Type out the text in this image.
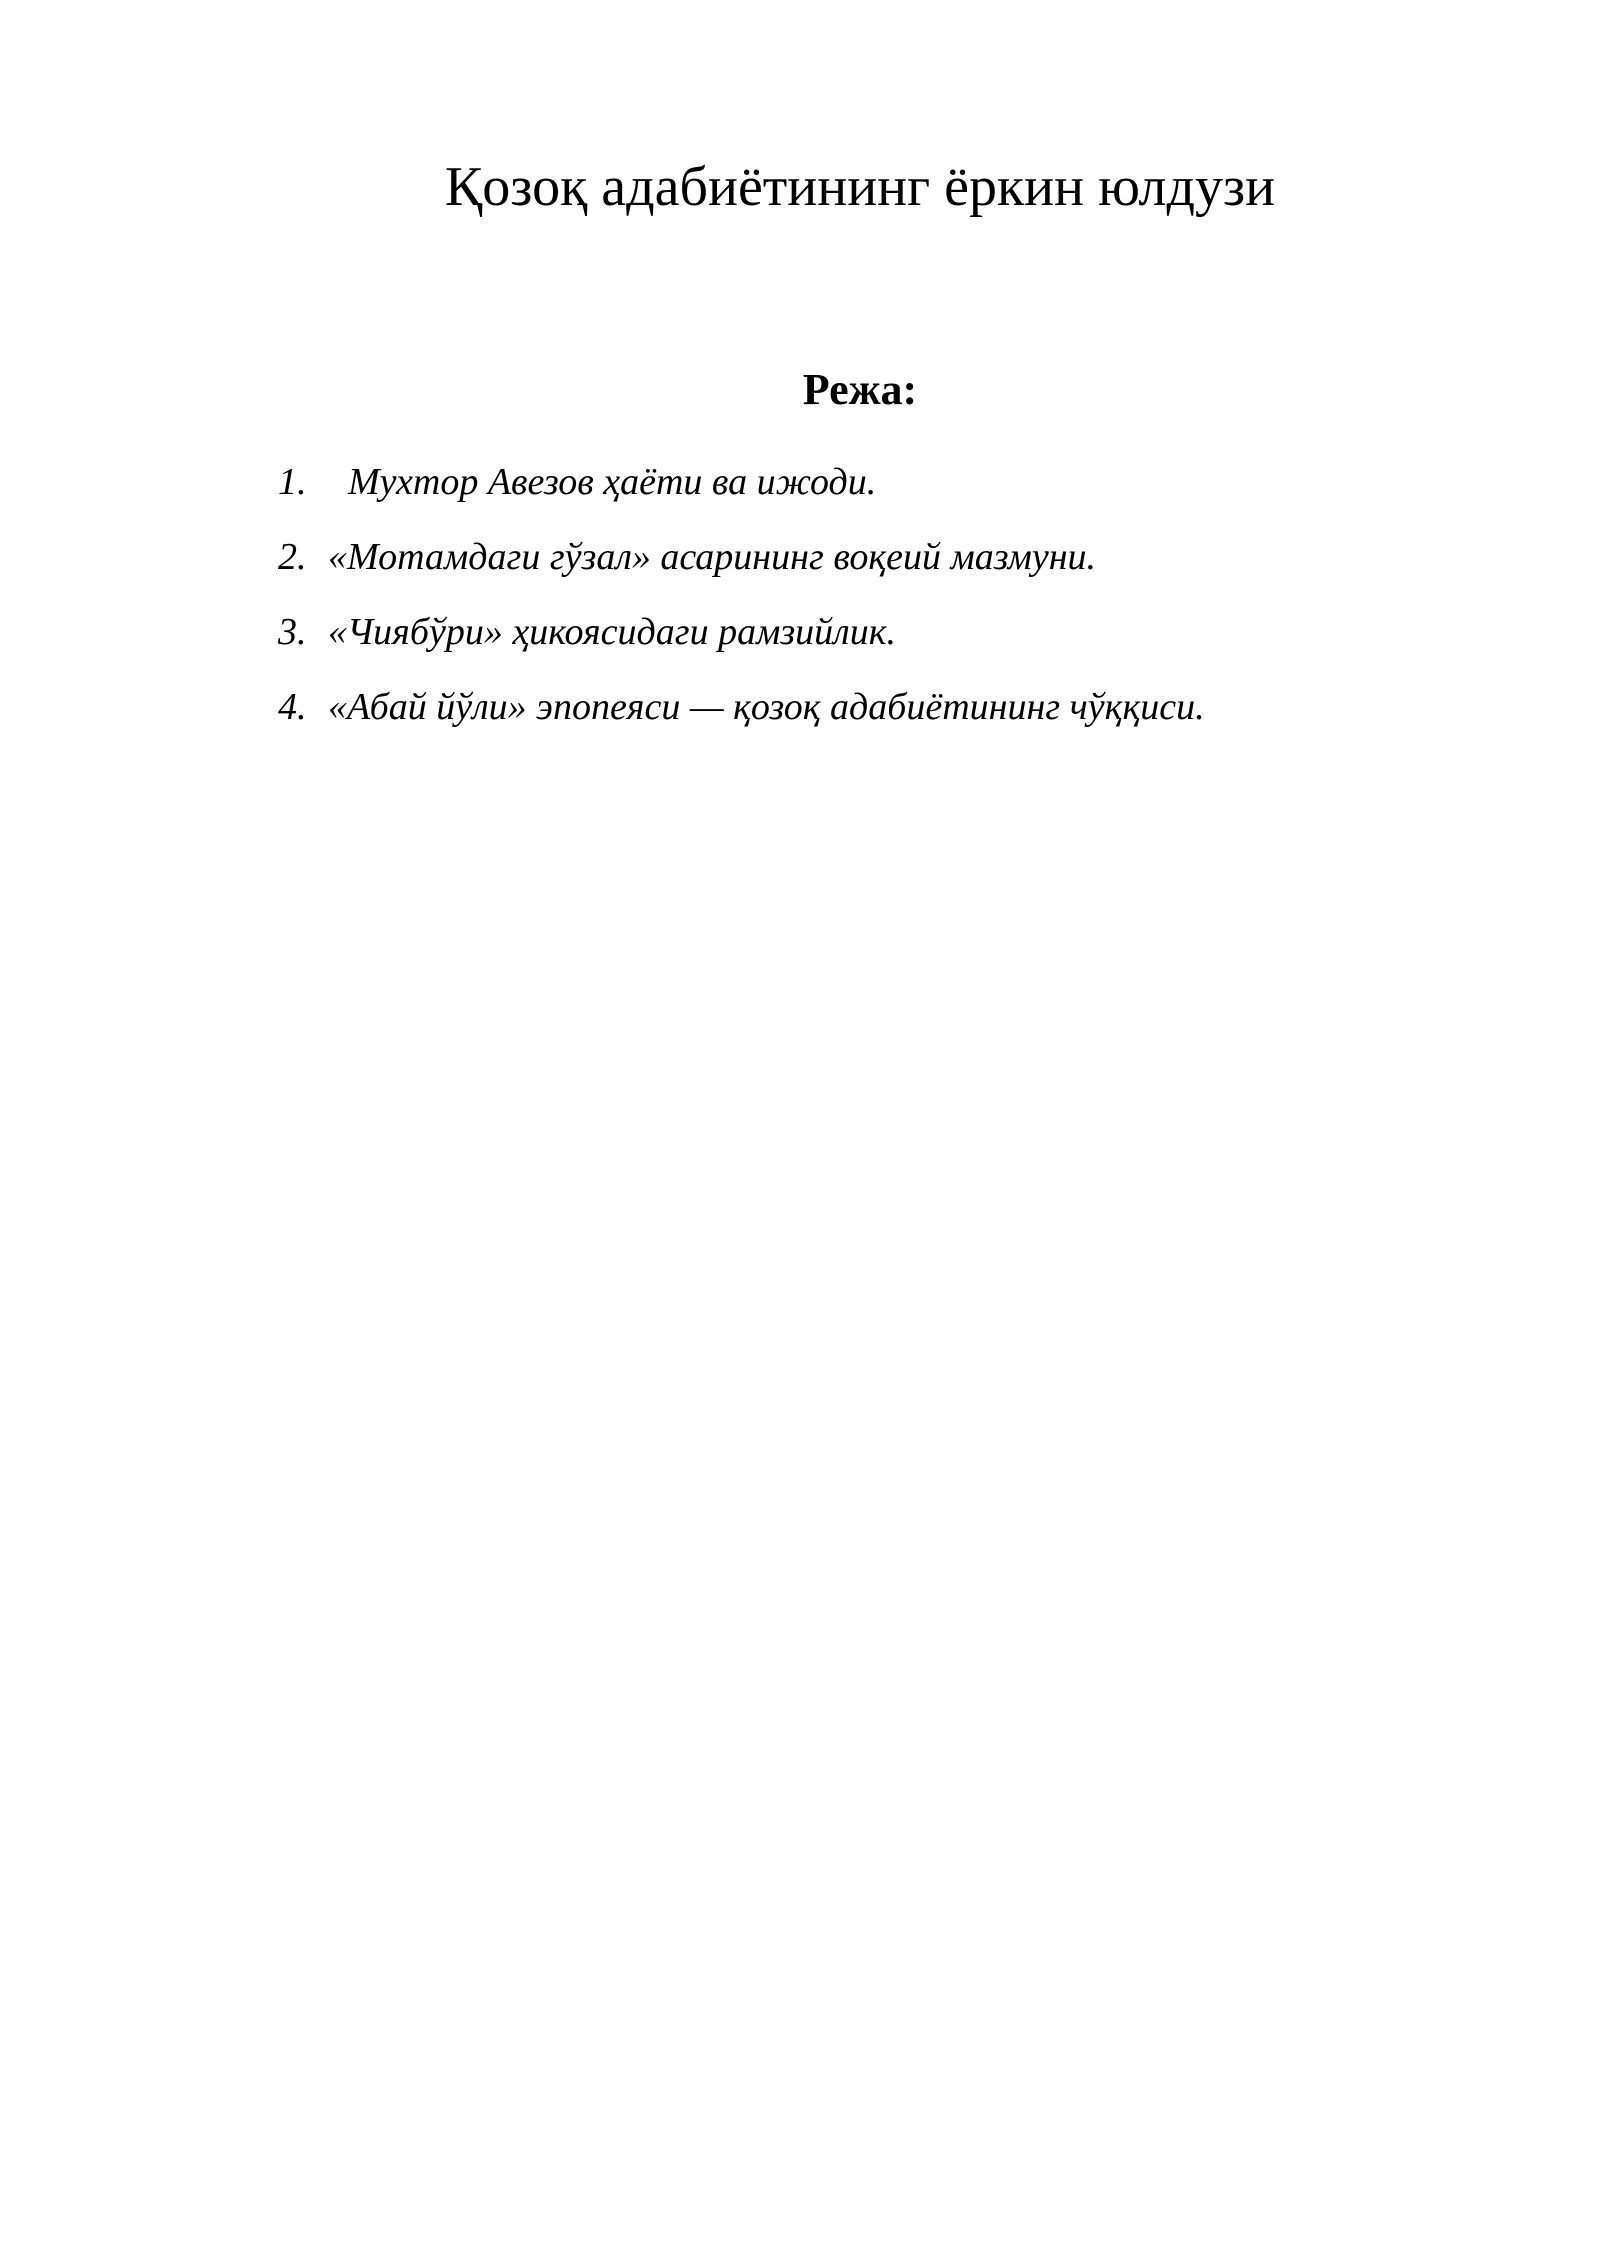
Қозоқ адабиётининг ёркин юлдузи
Режа:
1. Мухтор Авезов ҳаёти ва ижоди.
2. «Мотамдаги гўзал» асарининг воқеий мазмуни.
3. «Чиябўри» ҳикоясидаги рамзийлик.
4. «Абай йўли» эпопеяси — қозоқ адабиётининг чўққиси.
